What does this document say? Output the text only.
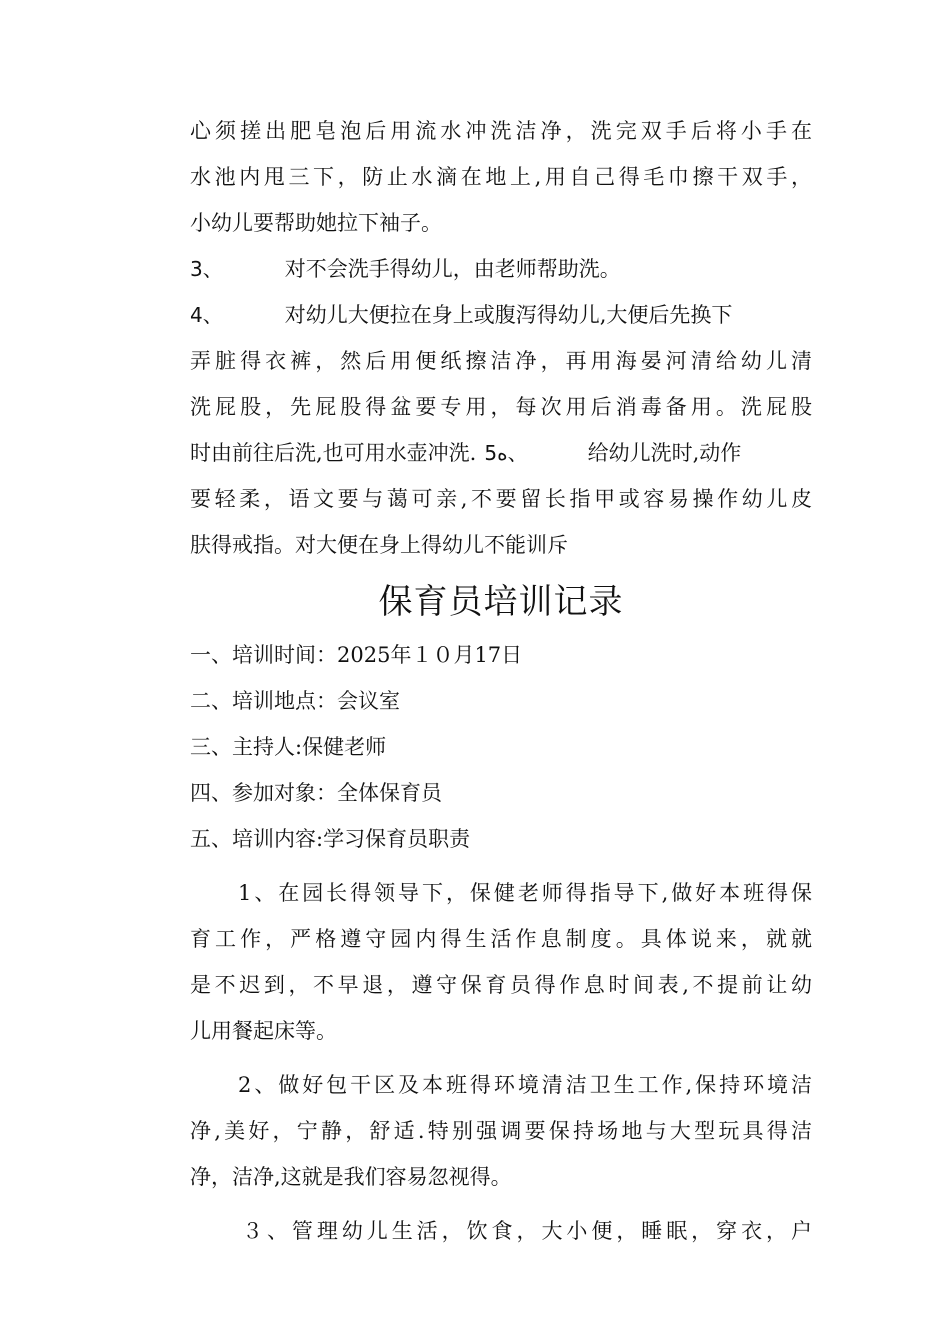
心须搓出肥皂泡后用流水冲洗洁净，洗完双手后将小手在
水池内甩三下，防止水滴在地上,用自己得毛巾擦干双手，
小幼儿要帮助她拉下袖子。
3、	对不会洗手得幼儿，由老师帮助洗。
4、	对幼儿大便拉在身上或腹泻得幼儿,大便后先换下
弄脏得衣裤，然后用便纸擦洁净，再用海晏河清给幼儿清
洗屁股，先屁股得盆要专用，每次用后消毒备用。洗屁股
时由前往后洗,也可用水壶冲洗. 5ه、	给幼儿洗时,动作
要轻柔，语文要与蔼可亲,不要留长指甲或容易操作幼儿皮
肤得戒指。对大便在身上得幼儿不能训斥
保育员培训记录
一、培训时间：2025年１０月17日
二、培训地点：会议室
三、主持人:保健老师
四、参加对象：全体保育员
五、培训内容:学习保育员职责
1、在园长得领导下，保健老师得指导下,做好本班得保
育工作，严格遵守园内得生活作息制度。具体说来，就就
是不迟到，不早退，遵守保育员得作息时间表,不提前让幼
儿用餐起床等。
2、做好包干区及本班得环境清洁卫生工作,保持环境洁
净,美好，宁静，舒适.特别强调要保持场地与大型玩具得洁
净，洁净,这就是我们容易忽视得。
３、管理幼儿生活，饮食，大小便，睡眠，穿衣，户
